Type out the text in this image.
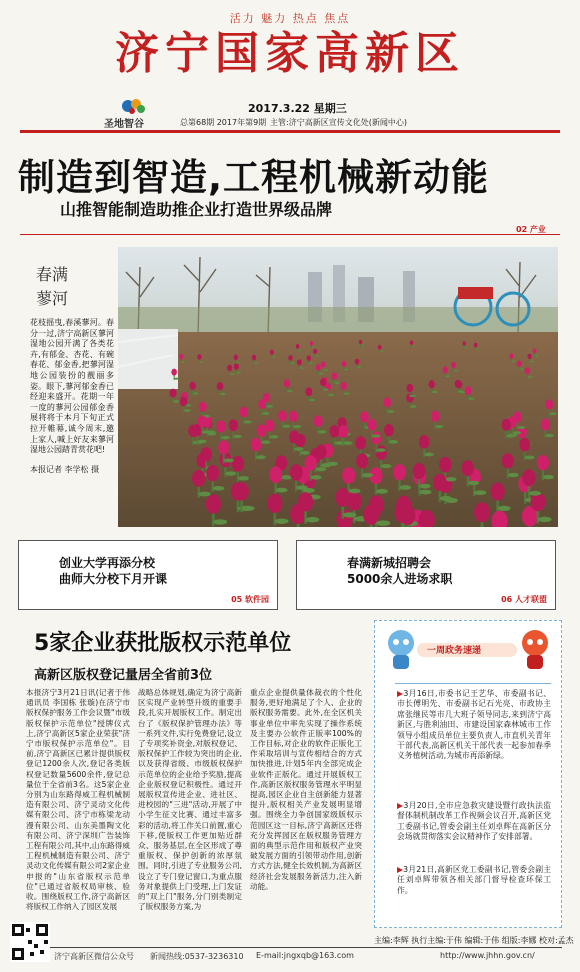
活力 魅力 热点 焦点
济宁国家高新区
圣地智谷
2017.3.22 星期三
总第68期 2017年第9期 主管:济宁高新区宣传文化处(新闻中心)
制造到智造,工程机械新动能
山推智能制造助推企业打造世界级品牌
02 产业
春满
蓼河
花枝摇曳,春溪蓼河。春分一过,济宁高新区蓼河湿地公园开满了各类花卉,有郁金、杏花、有碗春花、郁金香,把蓼河湿地公园装扮的靓丽多姿。眼下,蓼河郁金香已经迎来盛开。花期一年一度的蓼河公园郁金香展将将于本月下旬正式拉开帷幕,诚今周末,邀上家人,喊上好友来蓼河湿地公园踏青赏花吧!
本报记者 李学松 摄
创业大学再添分校
曲师大分校下月开课
05 软件园
春满新城招聘会
5000余人进场求职
06 人才联盟
5家企业获批版权示范单位
高新区版权登记量居全省前3位
本报济宁3月21日讯(记者于伟 通讯员 李国栋 张璇)在济宁市版权保护服务工作会议暨"市级版权保护示范单位"授牌仪式上,济宁高新区5家企业荣获"济宁市版权保护示范单位"。目前,济宁高新区已累计提供版权登记1200余人次,登记各类版权登记数量5600余件,登记总量位于全省前3名。这5家企业分别为山东路得威工程机械制造有限公司、济宁灵动文化传媒有限公司、济宁市栋梁龙动漫有限公司、山东美墨陶文化有限公司、济宁深圳广告装饰工程有限公司,其中,山东路得威工程机械制造有限公司、济宁灵动文化传媒有限公司2家企业申报的"山东省版权示范单位"已通过省版权局审核、验收。围绕版权工作,济宁高新区将版权工作纳入了园区发展
战略总体规划,确定为济宁高新区实现产业转型升级的重要手段,扎实开展版权工作。制定出台了《版权保护管理办法》等一系列文件,实行免费登记,设立了专项奖补资金,对版权登记、版权保护工作较为突出的企业,以及获得省级、市级版权保护示范单位的企业给予奖励,提高企业版权登记积极性。通过开展版权宣传进企业、进社区、进校园的"三进"活动,开展了中小学生征文比赛、通过丰富多彩的活动,将工作关口前置,重心下移,使版权工作更加贴近群众、服务基层,在全区形成了尊重版权、保护创新的浓厚氛围。同时,引进了专业服务公司,设立了专门登记窗口,为重点服务对象提供上门受理,上门发证的"双上门"服务,分门别类制定了版权服务方案,为
重点企业提供量体裁衣的个性化服务,更好地满足了个人、企业的版权服务需要。此外,在全区机关事业单位中率先实现了操作系统及主要办公软件正版率100%的工作目标,对企业的软件正版化工作采取培训与宣传相结合的方式加快推进,计划5年内全部完成企业软件正版化。通过开展版权工作,高新区版权服务管理水平明显提高,园区企业自主创新能力显著提升,版权相关产业发展明显增强。围绕全力争创国家级版权示范园区这一目标,济宁高新区还将充分发挥园区在版权服务管理方面的典型示范作用和版权产业突破发展方面的引领带动作用,创新方式方法,健全长效机制,为高新区经济社会发展服务新活力,注入新动能。
一周政务速递
▶3月16日,市委书记王艺华、市委副书记、市长傅明先、市委副书记石光亮、市政协主席张继民等市几大班子领导同志,来到济宁高新区,与胜利油田、市建设国家森林城市工作领导小组成员单位主要负责人,市直机关青年干部代表,高新区机关干部代表一起参加春季义务植树活动,为城市再添新绿。
▶3月20日,全市应急救灾建设暨行政执法监督体制机制改革工作视频会议召开,高新区党工委副书记,管委会副主任刘卓辉在高新区分会场就贯彻落实会议精神作了安排部署。
▶3月21日,高新区党工委副书记,管委会副主任刘卓辉带领各相关部门督导检查环保工作。
主编:李辉 执行主编:于伟 编辑:于伟 组版:李娜 校对:孟杰
济宁高新区微信公众号 新闻热线:0537-3236310 E-mail:jngxqb@163.com	http://www.jhhn.gov.cn/
